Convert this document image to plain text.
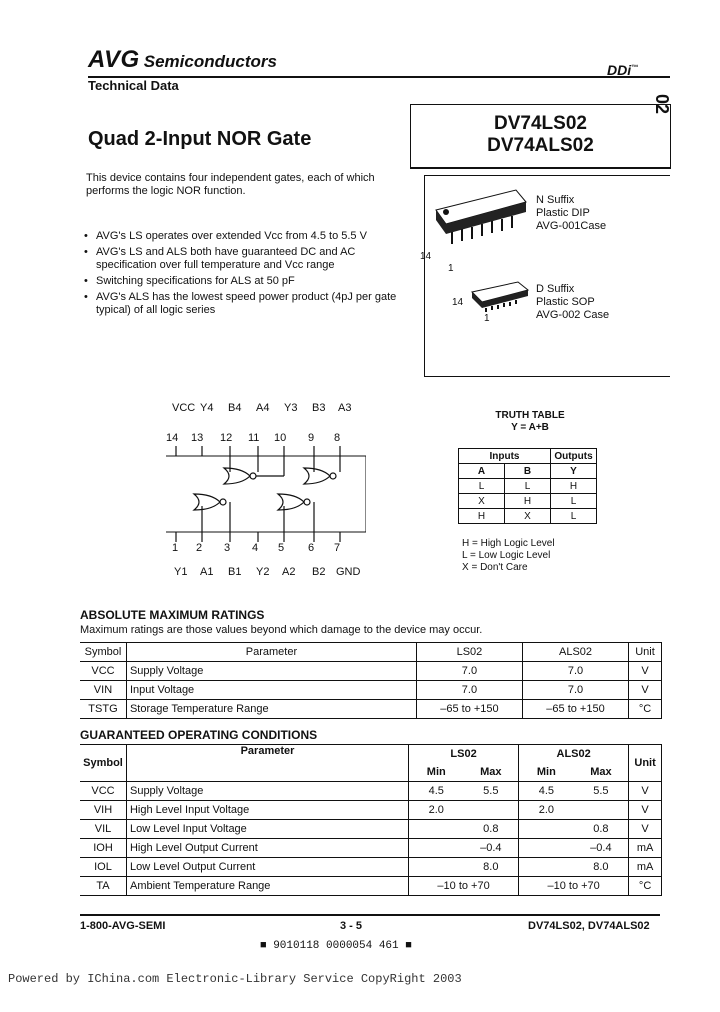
AVG Semiconductors
Technical Data
DDi™
02
Quad 2-Input NOR Gate
DV74LS02
DV74ALS02
This device contains four independent gates, each of which performs the logic NOR function.
• AVG's LS operates over extended Vcc from 4.5 to 5.5 V
• AVG's LS and ALS both have guaranteed DC and AC specification over full temperature and Vcc range
• Switching specifications for ALS at 50 pF
• AVG's ALS has the lowest speed power product (4pJ per gate typical) of all logic series
14
1
N Suffix
Plastic DIP
AVG-001Case
14
1
D Suffix
Plastic SOP
AVG-002 Case
VCC Y4 B4 A4 Y3 B3 A3
14 13 12 11 10 9 8
1 2 3 4 5 6 7
Y1 A1 B1 Y2 A2 B2 GND
TRUTH TABLE
Y = A+B
Inputs		Outputs
A	B	Y
L	L	H
X	H	L
H	X	L
H = High Logic Level
L = Low Logic Level
X = Don't Care
ABSOLUTE MAXIMUM RATINGS
Maximum ratings are those values beyond which damage to the device may occur.
Symbol	Parameter	LS02	ALS02	Unit
VCC	Supply Voltage	7.0	7.0	V
VIN	Input Voltage	7.0	7.0	V
TSTG	Storage Temperature Range	–65 to +150	–65 to +150	°C
GUARANTEED OPERATING CONDITIONS
Symbol	Parameter	LS02		ALS02		Unit
		Min	Max	Min	Max	
VCC	Supply Voltage	4.5	5.5	4.5	5.5	V
VIH	High Level Input Voltage	2.0		2.0		V
VIL	Low Level Input Voltage		0.8		0.8	V
IOH	High Level Output Current		–0.4		–0.4	mA
IOL	Low Level Output Current		8.0		8.0	mA
TA	Ambient Temperature Range	–10 to +70		–10 to +70		°C
1-800-AVG-SEMI	3 - 5	DV74LS02, DV74ALS02
■ 9010118 0000054 461 ■
Powered by IChina.com Electronic-Library Service CopyRight 2003
